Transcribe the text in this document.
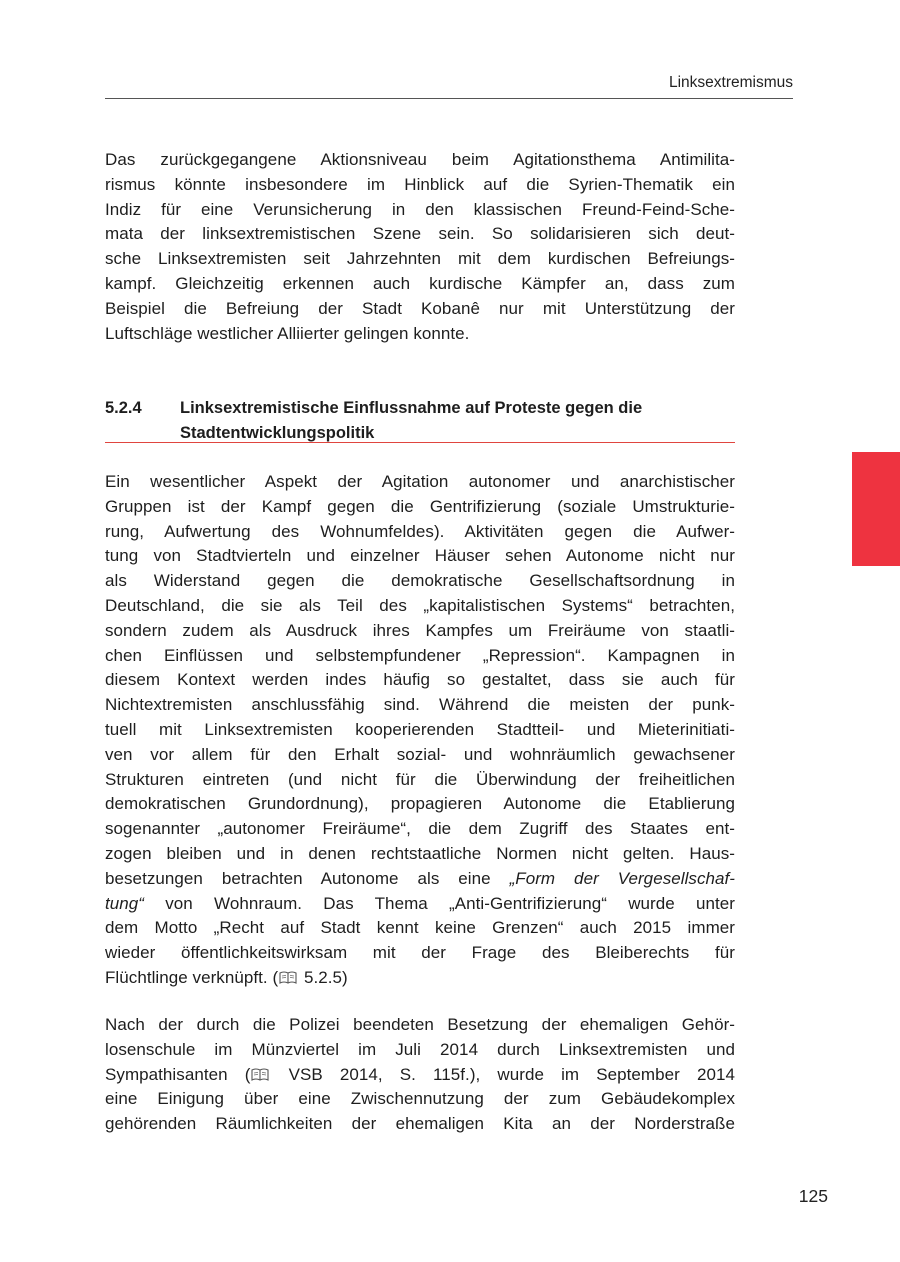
Linksextremismus
Das zurückgegangene Aktionsniveau beim Agitationsthema Antimilita-
rismus könnte insbesondere im Hinblick auf die Syrien-Thematik ein
Indiz für eine Verunsicherung in den klassischen Freund-Feind-Sche-
mata der linksextremistischen Szene sein. So solidarisieren sich deut-
sche Linksextremisten seit Jahrzehnten mit dem kurdischen Befreiungs-
kampf. Gleichzeitig erkennen auch kurdische Kämpfer an, dass zum
Beispiel die Befreiung der Stadt Kobanê nur mit Unterstützung der
Luftschläge westlicher Alliierter gelingen konnte.
5.2.4 Linksextremistische Einflussnahme auf Proteste gegen die
Stadtentwicklungspolitik
Ein wesentlicher Aspekt der Agitation autonomer und anarchistischer
Gruppen ist der Kampf gegen die Gentrifizierung (soziale Umstrukturie-
rung, Aufwertung des Wohnumfeldes). Aktivitäten gegen die Aufwer-
tung von Stadtvierteln und einzelner Häuser sehen Autonome nicht nur
als Widerstand gegen die demokratische Gesellschaftsordnung in
Deutschland, die sie als Teil des „kapitalistischen Systems“ betrachten,
sondern zudem als Ausdruck ihres Kampfes um Freiräume von staatli-
chen Einflüssen und selbstempfundener „Repression“. Kampagnen in
diesem Kontext werden indes häufig so gestaltet, dass sie auch für
Nichtextremisten anschlussfähig sind. Während die meisten der punk-
tuell mit Linksextremisten kooperierenden Stadtteil- und Mieterinitiati-
ven vor allem für den Erhalt sozial- und wohnräumlich gewachsener
Strukturen eintreten (und nicht für die Überwindung der freiheitlichen
demokratischen Grundordnung), propagieren Autonome die Etablierung
sogenannter „autonomer Freiräume“, die dem Zugriff des Staates ent-
zogen bleiben und in denen rechtstaatliche Normen nicht gelten. Haus-
besetzungen betrachten Autonome als eine „Form der Vergesellschaf-
tung“ von Wohnraum. Das Thema „Anti-Gentrifizierung“ wurde unter
dem Motto „Recht auf Stadt kennt keine Grenzen“ auch 2015 immer
wieder öffentlichkeitswirksam mit der Frage des Bleiberechts für
Flüchtlinge verknüpft. ( 5.2.5)
Nach der durch die Polizei beendeten Besetzung der ehemaligen Gehör-
losenschule im Münzviertel im Juli 2014 durch Linksextremisten und
Sympathisanten ( VSB 2014, S. 115f.), wurde im September 2014
eine Einigung über eine Zwischennutzung der zum Gebäudekomplex
gehörenden Räumlichkeiten der ehemaligen Kita an der Norderstraße
125
